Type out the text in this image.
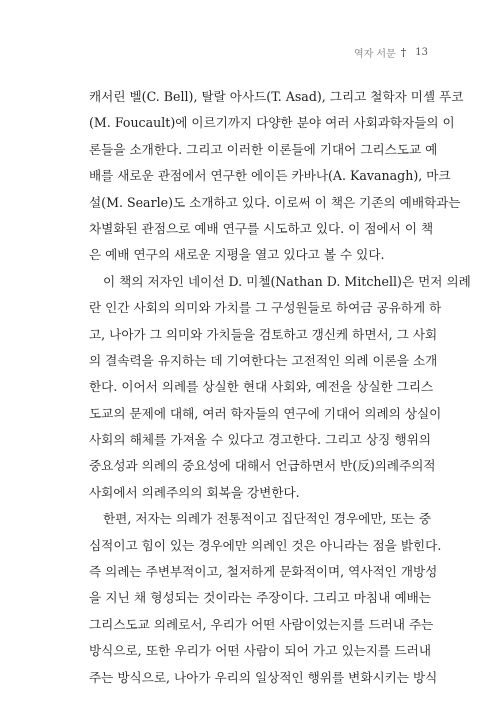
역자 서문 † 13
캐서린 벨(C. Bell), 탈랄 아사드(T. Asad), 그리고 철학자 미셸 푸코
(M. Foucault)에 이르기까지 다양한 분야 여러 사회과학자들의 이
론들을 소개한다. 그리고 이러한 이론들에 기대어 그리스도교 예
배를 새로운 관점에서 연구한 에이든 카바나(A. Kavanagh), 마크
설(M. Searle)도 소개하고 있다. 이로써 이 책은 기존의 예배학과는
차별화된 관점으로 예배 연구를 시도하고 있다. 이 점에서 이 책
은 예배 연구의 새로운 지평을 열고 있다고 볼 수 있다.
이 책의 저자인 네이선 D. 미첼(Nathan D. Mitchell)은 먼저 의례
란 인간 사회의 의미와 가치를 그 구성원들로 하여금 공유하게 하
고, 나아가 그 의미와 가치들을 검토하고 갱신케 하면서, 그 사회
의 결속력을 유지하는 데 기여한다는 고전적인 의례 이론을 소개
한다. 이어서 의례를 상실한 현대 사회와, 예전을 상실한 그리스
도교의 문제에 대해, 여러 학자들의 연구에 기대어 의례의 상실이
사회의 해체를 가져올 수 있다고 경고한다. 그리고 상징 행위의
중요성과 의례의 중요성에 대해서 언급하면서 반(反)의례주의적
사회에서 의례주의의 회복을 강변한다.
한편, 저자는 의례가 전통적이고 집단적인 경우에만, 또는 중
심적이고 힘이 있는 경우에만 의례인 것은 아니라는 점을 밝힌다.
즉 의례는 주변부적이고, 철저하게 문화적이며, 역사적인 개방성
을 지닌 채 형성되는 것이라는 주장이다. 그리고 마침내 예배는
그리스도교 의례로서, 우리가 어떤 사람이었는지를 드러내 주는
방식으로, 또한 우리가 어떤 사람이 되어 가고 있는지를 드러내
주는 방식으로, 나아가 우리의 일상적인 행위를 변화시키는 방식
